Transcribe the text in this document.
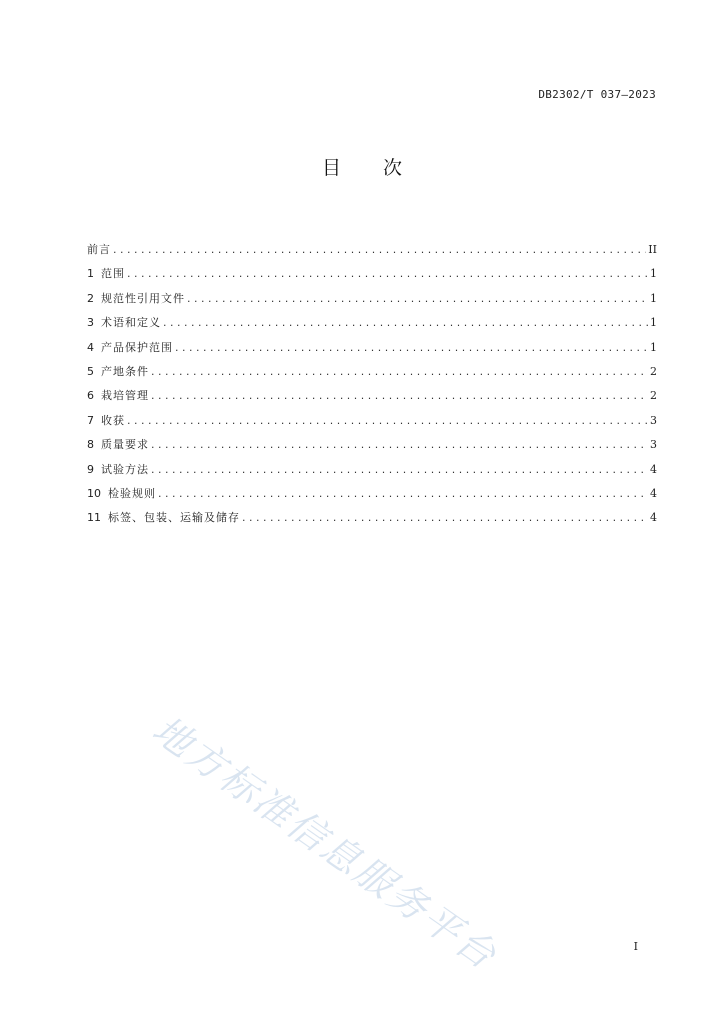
DB2302/T 037—2023
目 次
前言 . . .	II
1 范围 . . .	1
2 规范性引用文件 . . .	1
3 术语和定义 . . .	1
4 产品保护范围 . . .	1
5 产地条件 . . .	2
6 栽培管理 . . .	2
7 收获 . . .	3
8 质量要求 . . .	3
9 试验方法 . . .	4
10 检验规则 . . .	4
11 标签、包装、运输及储存 . . .	4
地方标准信息服务平台	I
